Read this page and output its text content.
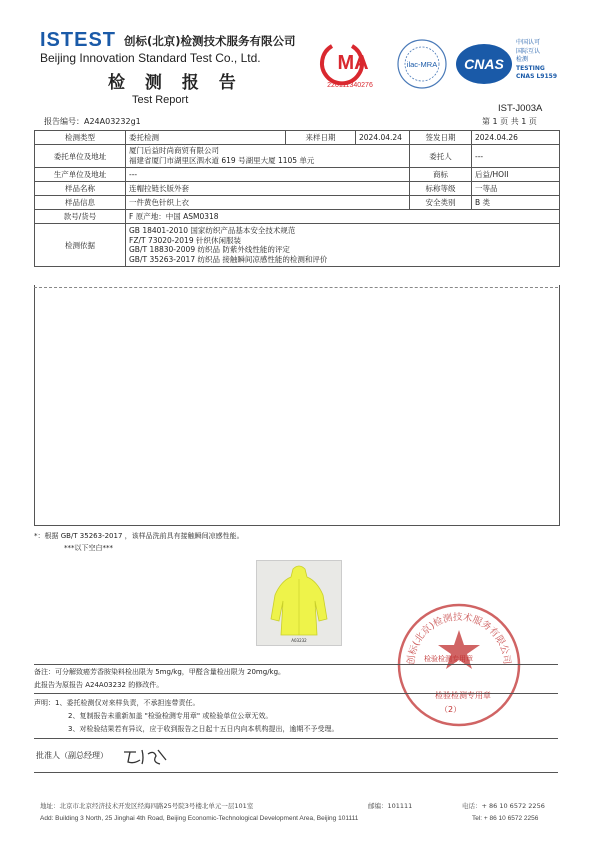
ISTEST 创标(北京)检测技术服务有限公司
Beijing Innovation Standard Test Co., Ltd.
检 测 报 告
Test Report
报告编号：A24A03232g1
IST-J003A
第 1 页 共 1 页
MA
220111340276
ilac-MRA CNAS
中国认可
国际互认
检测
TESTING
CNAS L9159
检测类型	委托检测	来样日期	2024.04.24	签发日期	2024.04.26
委托单位及地址	厦门后益时尚商贸有限公司
福建省厦门市湖里区泗水道 619 号湖里大厦 1105 单元			委托人	---
生产单位及地址	---			商标	后益/HOII
样品名称	连帽拉链长版外套			标称等级	一等品
样品信息	一件黄色针织上衣			安全类别	B 类
款号/货号	F 原产地：中国 ASM0318				
检测依据	GB 18401-2010 国家纺织产品基本安全技术规范
FZ/T 73020-2019 针织休闲服装
GB/T 18830-2009 纺织品 防紫外线性能的评定
GB/T 35263-2017 纺织品 接触瞬间凉感性能的检测和评价				
*：根据 GB/T 35263-2017 ，该样品洗前具有接触瞬间凉感性能。
***以下空白***
A03232
创标(北京)检测技术服务有限公司
检验检测专用章
检验检测专用章
（2）
备注：可分解致癌芳香胺染料检出限为 5mg/kg，甲醛含量检出限为 20mg/kg。
此报告为原报告 A24A03232 的修改件。
声明：1、委托检测仅对来样负责，不承担连带责任。
2、复制报告未重新加盖 "检验检测专用章" 或检验单位公章无效。
3、对检验结果若有异议，应于收到报告之日起十五日内向本机构提出，逾期不予受理。
批准人（副总经理）
地址：北京市北京经济技术开发区经海四路25号院3号楼北单元一层101室	邮编：101111	电话：+ 86 10 6572 2256
Add: Building 3 North, 25 Jinghai 4th Road, Beijing Economic-Technological Development Area, Beijing 101111	Tel: + 86 10 6572 2256
